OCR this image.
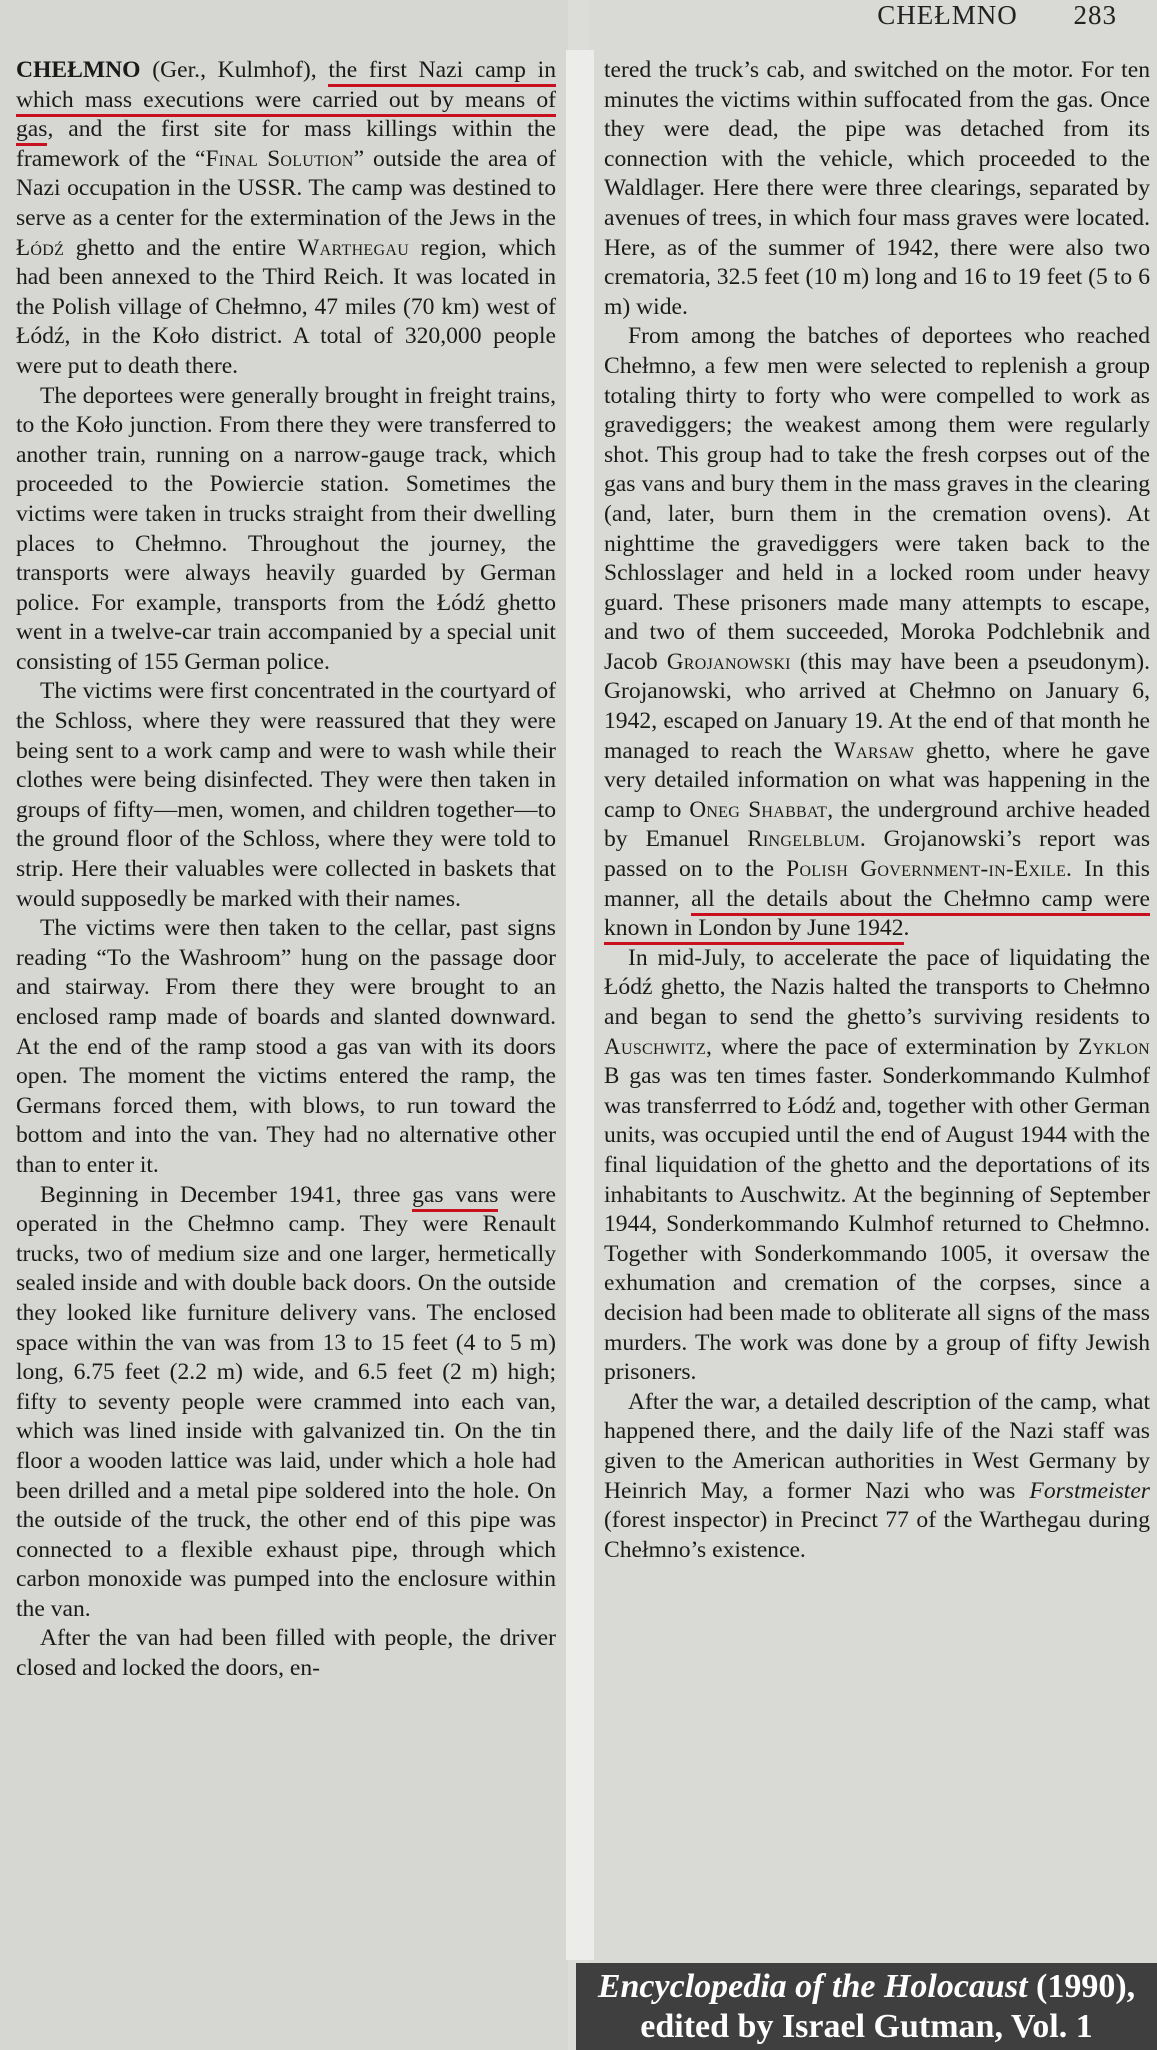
CHEŁMNO 283

CHEŁMNO (Ger., Kulmhof), the first Nazi camp in which mass executions were carried out by means of gas, and the first site for mass killings within the framework of the “Final Solution” outside the area of Nazi occupation in the USSR. The camp was destined to serve as a center for the extermination of the Jews in the Łódź ghetto and the entire Warthegau region, which had been annexed to the Third Reich. It was located in the Polish village of Chełmno, 47 miles (70 km) west of Łódź, in the Koło district. A total of 320,000 people were put to death there.

The deportees were generally brought in freight trains, to the Koło junction. From there they were transferred to another train, running on a narrow-gauge track, which proceeded to the Powiercie station. Sometimes the victims were taken in trucks straight from their dwelling places to Chełmno. Throughout the journey, the transports were always heavily guarded by German police. For example, transports from the Łódź ghetto went in a twelve-car train accompanied by a special unit consisting of 155 German police.

The victims were first concentrated in the courtyard of the Schloss, where they were reassured that they were being sent to a work camp and were to wash while their clothes were being disinfected. They were then taken in groups of fifty—men, women, and children together—to the ground floor of the Schloss, where they were told to strip. Here their valuables were collected in baskets that would supposedly be marked with their names.

The victims were then taken to the cellar, past signs reading “To the Washroom” hung on the passage door and stairway. From there they were brought to an enclosed ramp made of boards and slanted downward. At the end of the ramp stood a gas van with its doors open. The moment the victims entered the ramp, the Germans forced them, with blows, to run toward the bottom and into the van. They had no alternative other than to enter it.

Beginning in December 1941, three gas vans were operated in the Chełmno camp. They were Renault trucks, two of medium size and one larger, hermetically sealed inside and with double back doors. On the outside they looked like furniture delivery vans. The enclosed space within the van was from 13 to 15 feet (4 to 5 m) long, 6.75 feet (2.2 m) wide, and 6.5 feet (2 m) high; fifty to seventy people were crammed into each van, which was lined inside with galvanized tin. On the tin floor a wooden lattice was laid, under which a hole had been drilled and a metal pipe soldered into the hole. On the outside of the truck, the other end of this pipe was connected to a flexible exhaust pipe, through which carbon monoxide was pumped into the enclosure within the van.

After the van had been filled with people, the driver closed and locked the doors, en-

tered the truck’s cab, and switched on the motor. For ten minutes the victims within suffocated from the gas. Once they were dead, the pipe was detached from its connection with the vehicle, which proceeded to the Waldlager. Here there were three clearings, separated by avenues of trees, in which four mass graves were located. Here, as of the summer of 1942, there were also two crematoria, 32.5 feet (10 m) long and 16 to 19 feet (5 to 6 m) wide.

From among the batches of deportees who reached Chełmno, a few men were selected to replenish a group totaling thirty to forty who were compelled to work as gravediggers; the weakest among them were regularly shot. This group had to take the fresh corpses out of the gas vans and bury them in the mass graves in the clearing (and, later, burn them in the cremation ovens). At nighttime the gravediggers were taken back to the Schlosslager and held in a locked room under heavy guard. These prisoners made many attempts to escape, and two of them succeeded, Moroka Podchlebnik and Jacob Grojanowski (this may have been a pseudonym). Grojanowski, who arrived at Chełmno on January 6, 1942, escaped on January 19. At the end of that month he managed to reach the Warsaw ghetto, where he gave very detailed information on what was happening in the camp to Oneg Shabbat, the underground archive headed by Emanuel Ringelblum. Grojanowski’s report was passed on to the Polish Government-in-Exile. In this manner, all the details about the Chełmno camp were known in London by June 1942.

In mid-July, to accelerate the pace of liquidating the Łódź ghetto, the Nazis halted the transports to Chełmno and began to send the ghetto’s surviving residents to Auschwitz, where the pace of extermination by Zyklon B gas was ten times faster. Sonderkommando Kulmhof was transferrred to Łódź and, together with other German units, was occupied until the end of August 1944 with the final liquidation of the ghetto and the deportations of its inhabitants to Auschwitz. At the beginning of September 1944, Sonderkommando Kulmhof returned to Chełmno. Together with Sonderkommando 1005, it oversaw the exhumation and cremation of the corpses, since a decision had been made to obliterate all signs of the mass murders. The work was done by a group of fifty Jewish prisoners.

After the war, a detailed description of the camp, what happened there, and the daily life of the Nazi staff was given to the American authorities in West Germany by Heinrich May, a former Nazi who was Forstmeister (forest inspector) in Precinct 77 of the Warthegau during Chełmno’s existence.

Encyclopedia of the Holocaust (1990),
edited by Israel Gutman, Vol. 1
